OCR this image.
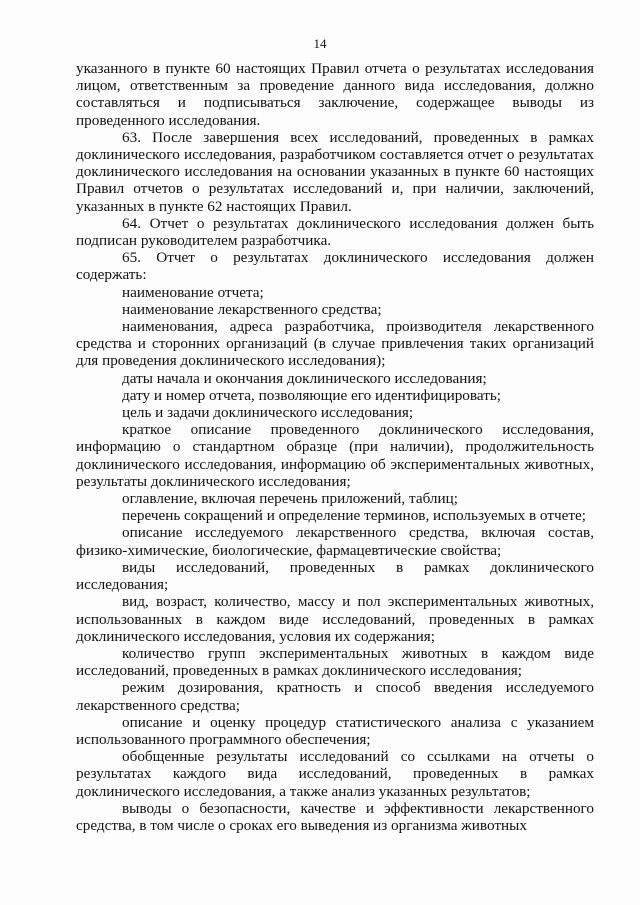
14

указанного в пункте 60 настоящих Правил отчета о результатах исследования лицом, ответственным за проведение данного вида исследования, должно составляться и подписываться заключение, содержащее выводы из проведенного исследования.

63. После завершения всех исследований, проведенных в рамках доклинического исследования, разработчиком составляется отчет о результатах доклинического исследования на основании указанных в пункте 60 настоящих Правил отчетов о результатах исследований и, при наличии, заключений, указанных в пункте 62 настоящих Правил.

64. Отчет о результатах доклинического исследования должен быть подписан руководителем разработчика.

65. Отчет о результатах доклинического исследования должен содержать:

наименование отчета;

наименование лекарственного средства;

наименования, адреса разработчика, производителя лекарственного средства и сторонних организаций (в случае привлечения таких организаций для проведения доклинического исследования);

даты начала и окончания доклинического исследования;

дату и номер отчета, позволяющие его идентифицировать;

цель и задачи доклинического исследования;

краткое описание проведенного доклинического исследования, информацию о стандартном образце (при наличии), продолжительность доклинического исследования, информацию об экспериментальных животных, результаты доклинического исследования;

оглавление, включая перечень приложений, таблиц;

перечень сокращений и определение терминов, используемых в отчете;

описание исследуемого лекарственного средства, включая состав, физико-химические, биологические, фармацевтические свойства;

виды исследований, проведенных в рамках доклинического исследования;

вид, возраст, количество, массу и пол экспериментальных животных, использованных в каждом виде исследований, проведенных в рамках доклинического исследования, условия их содержания;

количество групп экспериментальных животных в каждом виде исследований, проведенных в рамках доклинического исследования;

режим дозирования, кратность и способ введения исследуемого лекарственного средства;

описание и оценку процедур статистического анализа с указанием использованного программного обеспечения;

обобщенные результаты исследований со ссылками на отчеты о результатах каждого вида исследований, проведенных в рамках доклинического исследования, а также анализ указанных результатов;

выводы о безопасности, качестве и эффективности лекарственного средства, в том числе о сроках его выведения из организма животных
